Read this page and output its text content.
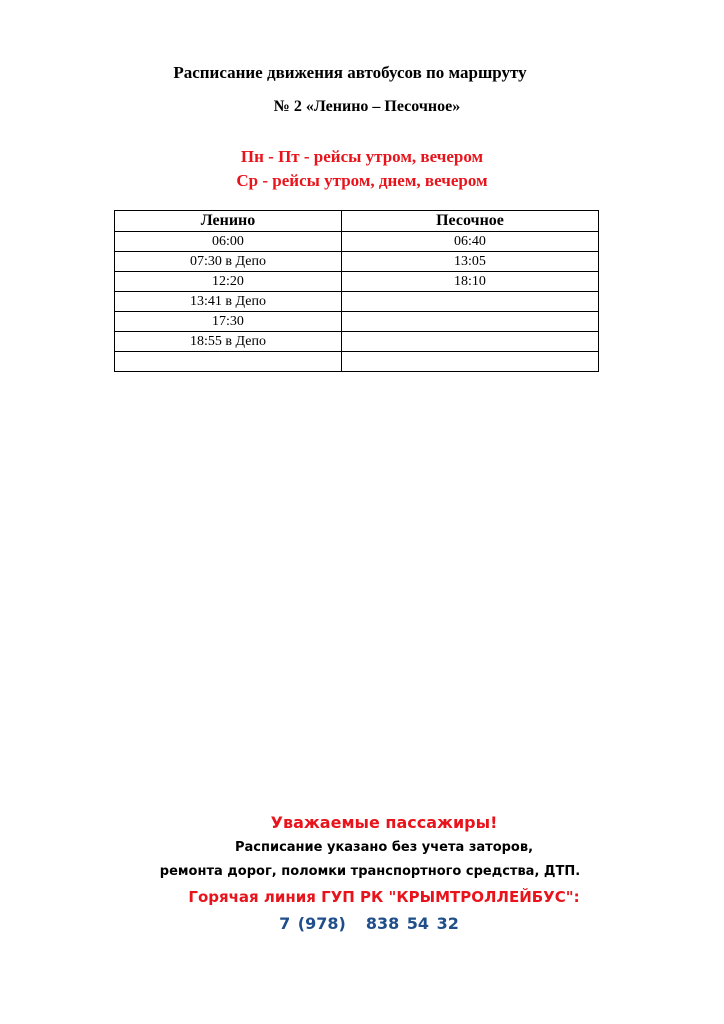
Расписание движения автобусов по маршруту
№ 2 «Ленино – Песочное»
Пн - Пт - рейсы утром, вечером
Ср - рейсы утром, днем, вечером
Ленино	Песочное
06:00	06:40
07:30 в Депо	13:05
12:20	18:10
13:41 в Депо	
17:30	
18:55 в Депо	

Уважаемые пассажиры!
Расписание указано без учета заторов,
ремонта дорог, поломки транспортного средства, ДТП.
Горячая линия ГУП РК "КРЫМТРОЛЛЕЙБУС":
7 (978) 838 54 32
